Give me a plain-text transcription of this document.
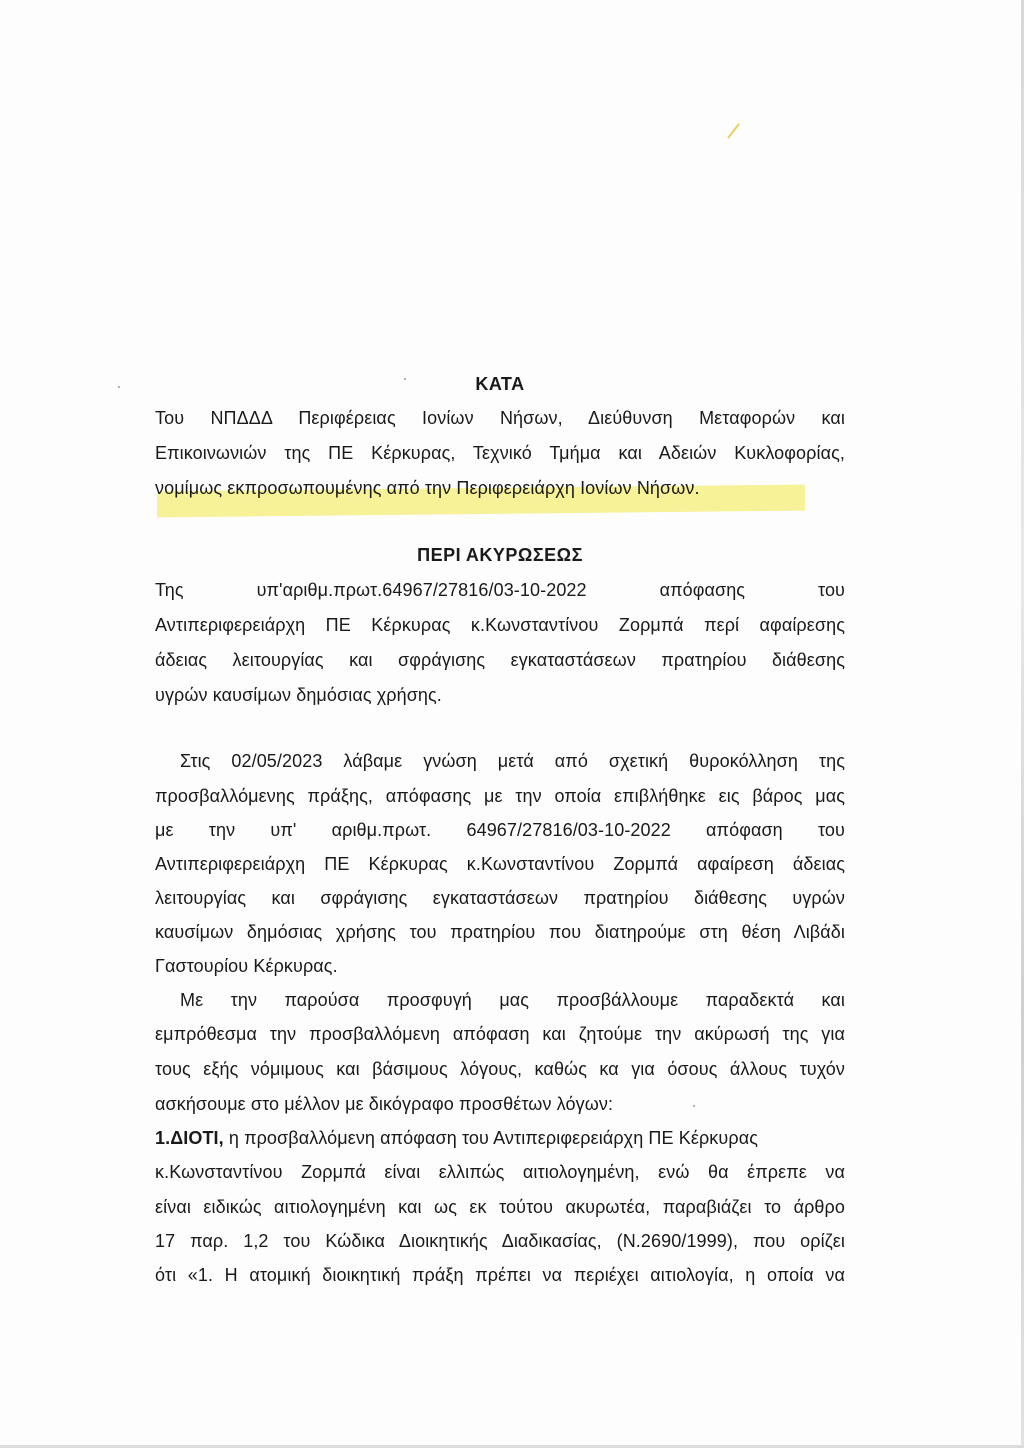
ΚΑΤΑ
Του ΝΠΔΔΔ Περιφέρειας Ιονίων Νήσων, Διεύθυνση Μεταφορών και
Επικοινωνιών της ΠΕ Κέρκυρας, Τεχνικό Τμήμα και Αδειών Κυκλοφορίας,
νομίμως εκπροσωπουμένης από την Περιφερειάρχη Ιονίων Νήσων.
ΠΕΡΙ ΑΚΥΡΩΣΕΩΣ
Της υπ'αριθμ.πρωτ.64967/27816/03-10-2022 απόφασης του
Αντιπεριφερειάρχη ΠΕ Κέρκυρας κ.Κωνσταντίνου Ζορμπά περί αφαίρεσης
άδειας λειτουργίας και σφράγισης εγκαταστάσεων πρατηρίου διάθεσης
υγρών καυσίμων δημόσιας χρήσης.
Στις 02/05/2023 λάβαμε γνώση μετά από σχετική θυροκόλληση της
προσβαλλόμενης πράξης, απόφασης με την οποία επιβλήθηκε εις βάρος μας
με την υπ' αριθμ.πρωτ. 64967/27816/03-10-2022 απόφαση του
Αντιπεριφερειάρχη ΠΕ Κέρκυρας κ.Κωνσταντίνου Ζορμπά αφαίρεση άδειας
λειτουργίας και σφράγισης εγκαταστάσεων πρατηρίου διάθεσης υγρών
καυσίμων δημόσιας χρήσης του πρατηρίου που διατηρούμε στη θέση Λιβάδι
Γαστουρίου Κέρκυρας.
Με την παρούσα προσφυγή μας προσβάλλουμε παραδεκτά και
εμπρόθεσμα την προσβαλλόμενη απόφαση και ζητούμε την ακύρωσή της για
τους εξής νόμιμους και βάσιμους λόγους, καθώς κα για όσους άλλους τυχόν
ασκήσουμε στο μέλλον με δικόγραφο προσθέτων λόγων:
1.ΔΙΟΤΙ, η προσβαλλόμενη απόφαση του Αντιπεριφερειάρχη ΠΕ Κέρκυρας
κ.Κωνσταντίνου Ζορμπά είναι ελλιπώς αιτιολογημένη, ενώ θα έπρεπε να
είναι ειδικώς αιτιολογημένη και ως εκ τούτου ακυρωτέα, παραβιάζει το άρθρο
17 παρ. 1,2 του Κώδικα Διοικητικής Διαδικασίας, (Ν.2690/1999), που ορίζει
ότι «1. Η ατομική διοικητική πράξη πρέπει να περιέχει αιτιολογία, η οποία να
